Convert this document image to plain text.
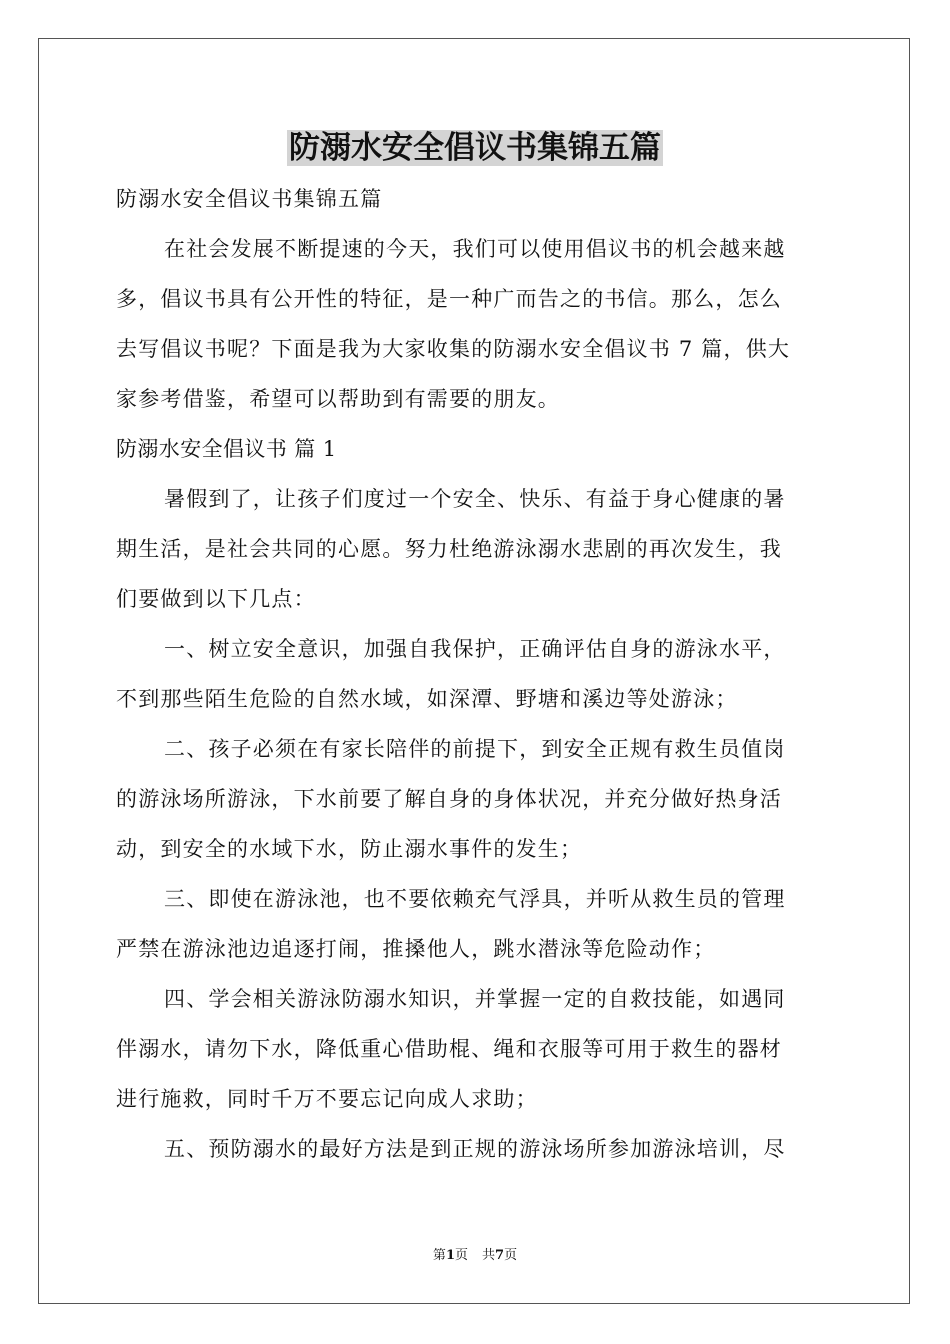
防溺水安全倡议书集锦五篇
防溺水安全倡议书集锦五篇
在社会发展不断提速的今天，我们可以使用倡议书的机会越来越
多，倡议书具有公开性的特征，是一种广而告之的书信。那么，怎么
去写倡议书呢？下面是我为大家收集的防溺水安全倡议书 7 篇，供大
家参考借鉴，希望可以帮助到有需要的朋友。
防溺水安全倡议书 篇 1
暑假到了，让孩子们度过一个安全、快乐、有益于身心健康的暑
期生活，是社会共同的心愿。努力杜绝游泳溺水悲剧的再次发生，我
们要做到以下几点：
一、树立安全意识，加强自我保护，正确评估自身的游泳水平，
不到那些陌生危险的自然水域，如深潭、野塘和溪边等处游泳；
二、孩子必须在有家长陪伴的前提下，到安全正规有救生员值岗
的游泳场所游泳，下水前要了解自身的身体状况，并充分做好热身活
动，到安全的水域下水，防止溺水事件的发生；
三、即使在游泳池，也不要依赖充气浮具，并听从救生员的管理
严禁在游泳池边追逐打闹，推搡他人，跳水潜泳等危险动作；
四、学会相关游泳防溺水知识，并掌握一定的自救技能，如遇同
伴溺水，请勿下水，降低重心借助棍、绳和衣服等可用于救生的器材
进行施救，同时千万不要忘记向成人求助；
五、预防溺水的最好方法是到正规的游泳场所参加游泳培训，尽
第1页 共7页
